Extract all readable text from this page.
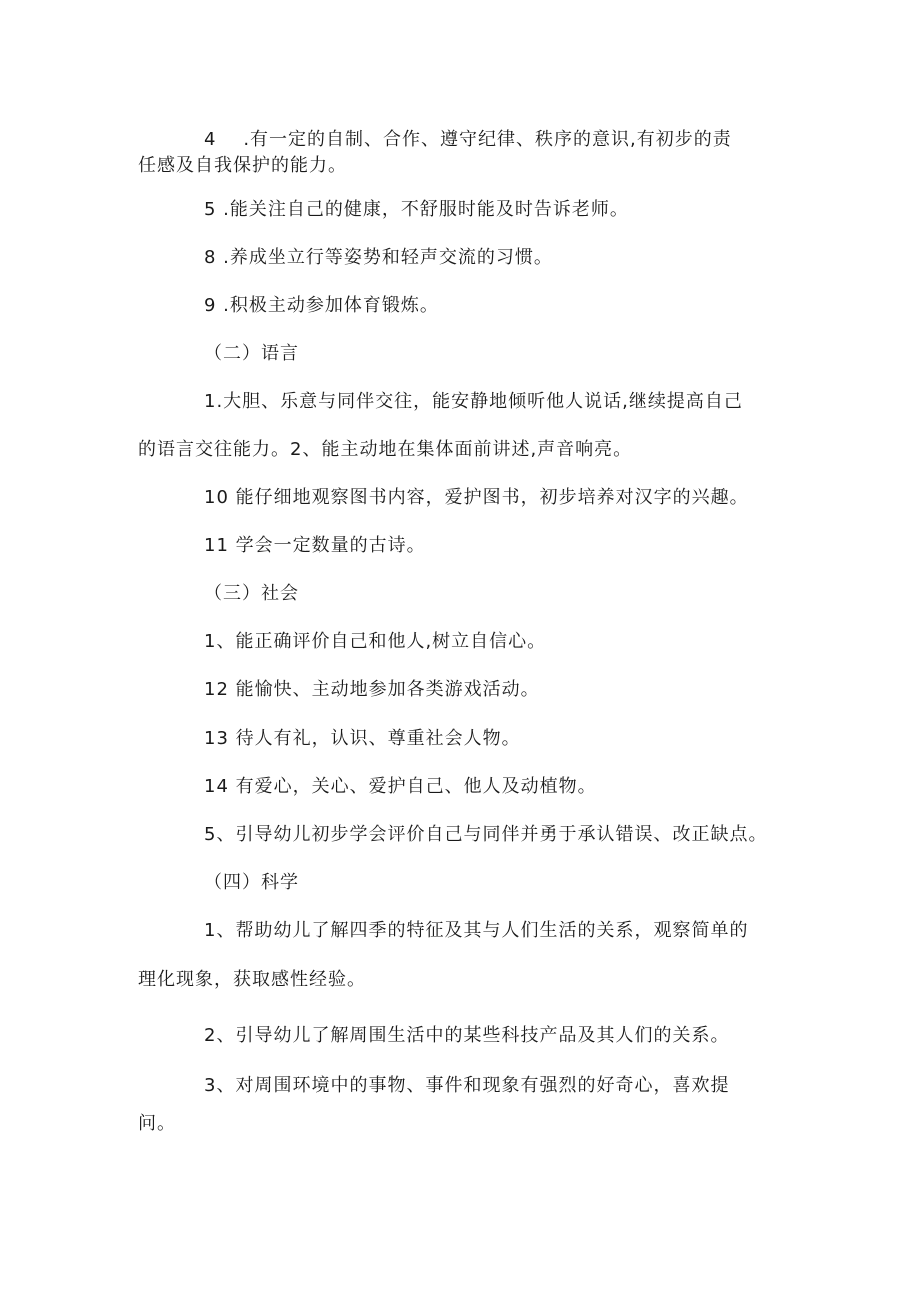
4    .有一定的自制、合作、遵守纪律、秩序的意识,有初步的责
任感及自我保护的能力。
5 .能关注自己的健康，不舒服时能及时告诉老师。
8 .养成坐立行等姿势和轻声交流的习惯。
9 .积极主动参加体育锻炼。
（二）语言
1.大胆、乐意与同伴交往，能安静地倾听他人说话,继续提高自己
的语言交往能力。2、能主动地在集体面前讲述,声音响亮。
10 能仔细地观察图书内容，爱护图书，初步培养对汉字的兴趣。
11 学会一定数量的古诗。
（三）社会
1、能正确评价自己和他人,树立自信心。
12 能愉快、主动地参加各类游戏活动。
13 待人有礼，认识、尊重社会人物。
14 有爱心，关心、爱护自己、他人及动植物。
5、引导幼儿初步学会评价自己与同伴并勇于承认错误、改正缺点。
（四）科学
1、帮助幼儿了解四季的特征及其与人们生活的关系，观察简单的
理化现象，获取感性经验。
2、引导幼儿了解周围生活中的某些科技产品及其人们的关系。
3、对周围环境中的事物、事件和现象有强烈的好奇心，喜欢提
问。
